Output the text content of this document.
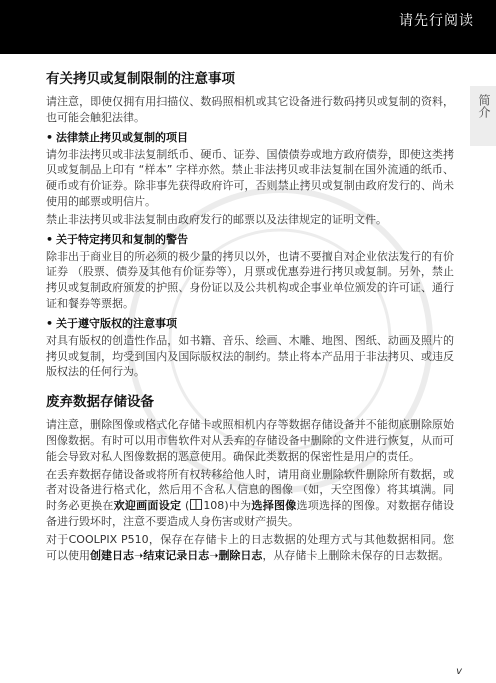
请先行阅读
简介
有关拷贝或复制限制的注意事项

请注意，即使仅拥有用扫描仪、数码照相机或其它设备进行数码拷贝或复制的资料，也可能会触犯法律。

• 法律禁止拷贝或复制的项目

请勿非法拷贝或非法复制纸币、硬币、证券、国债债券或地方政府债券，即使这类拷贝或复制品上印有 “样本” 字样亦然。禁止非法拷贝或非法复制在国外流通的纸币、硬币或有价证券。除非事先获得政府许可，否则禁止拷贝或复制由政府发行的、尚未使用的邮票或明信片。

禁止非法拷贝或非法复制由政府发行的邮票以及法律规定的证明文件。

• 关于特定拷贝和复制的警告

除非出于商业目的所必须的极少量的拷贝以外，也请不要擅自对企业依法发行的有价证券 （股票、债券及其他有价证券等），月票或优惠券进行拷贝或复制。另外，禁止拷贝或复制政府颁发的护照、身份证以及公共机构或企事业单位颁发的许可证、通行证和餐券等票据。

• 关于遵守版权的注意事项

对具有版权的创造性作品，如书籍、音乐、绘画、木雕、地图、图纸、动画及照片的拷贝或复制，均受到国内及国际版权法的制约。禁止将本产品用于非法拷贝、或违反版权法的任何行为。

废弃数据存储设备

请注意，删除图像或格式化存储卡或照相机内存等数据存储设备并不能彻底删除原始图像数据。有时可以用市售软件对从丢弃的存储设备中删除的文件进行恢复，从而可能会导致对私人图像数据的恶意使用。确保此类数据的保密性是用户的责任。

在丢弃数据存储设备或将所有权转移给他人时，请用商业删除软件删除所有数据，或者对设备进行格式化，然后用不含私人信息的图像 （如，天空图像）将其填满。同时务必更换在欢迎画面设定 ( 108)中为选择图像选项选择的图像。对数据存储设备进行毁坏时，注意不要造成人身伤害或财产损失。

对于COOLPIX P510，保存在存储卡上的日志数据的处理方式与其他数据相同。您可以使用创建日志➝结束记录日志➝删除日志，从存储卡上删除未保存的日志数据。

v
